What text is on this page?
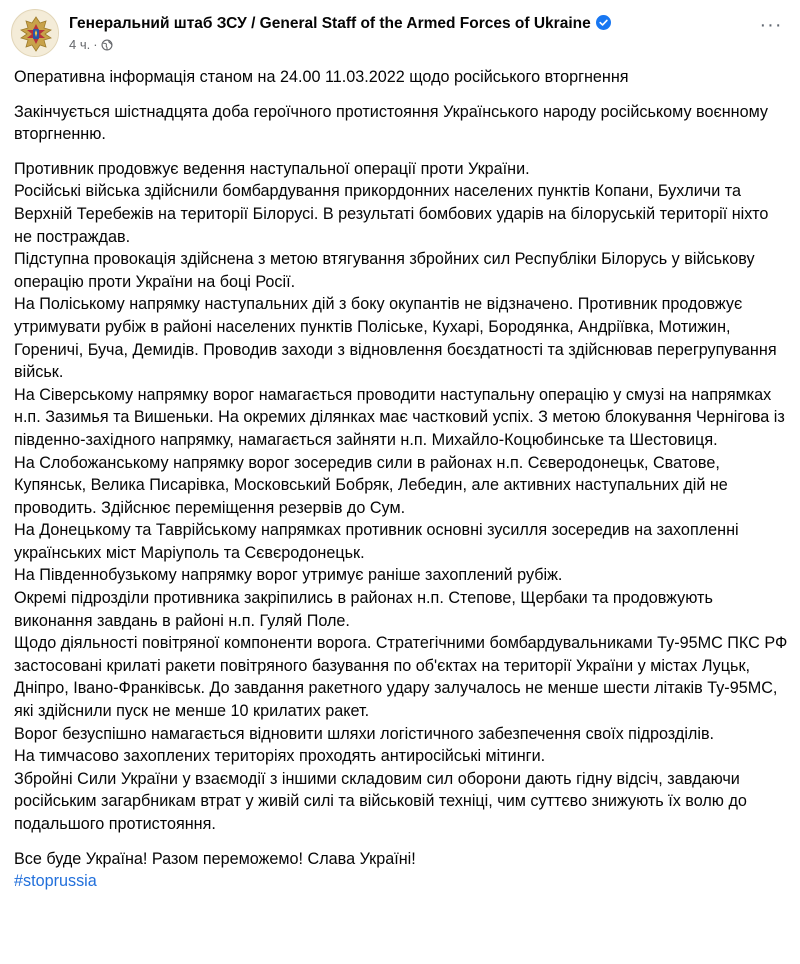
Генеральний штаб ЗСУ / General Staff of the Armed Forces of Ukraine
4 ч. ·
···

Оперативна інформація станом на 24.00 11.03.2022 щодо російського вторгнення

Закінчується шістнадцята доба героїчного протистояння Українського народу російському воєнному вторгненню.

Противник продовжує ведення наступальної операції проти України.

Російські війська здійснили бомбардування прикордонних населених пунктів Копани, Бухличи та Верхній Теребежів на території Білорусі. В результаті бомбових ударів на білоруській території ніхто не постраждав.

Підступна провокація здійснена з метою втягування збройних сил Республіки Білорусь у військову операцію проти України на боці Росії.

На Поліському напрямку наступальних дій з боку окупантів не відзначено. Противник продовжує утримувати рубіж в районі населених пунктів Поліське, Кухарі, Бородянка, Андріївка, Мотижин, Гореничі, Буча, Демидів. Проводив заходи з відновлення боєздатності та здійснював перегрупування військ.

На Сіверському напрямку ворог намагається проводити наступальну операцію у смузі на напрямках н.п. Зазимья та Вишеньки. На окремих ділянках має частковий успіх. З метою блокування Чернігова із південно-західного напрямку, намагається зайняти н.п. Михайло-Коцюбинське та Шестовиця.

На Слобожанському напрямку ворог зосередив сили в районах н.п. Сєверодонецьк, Сватове, Купянськ, Велика Писарівка, Московський Бобряк, Лебедин, але активних наступальних дій не проводить. Здійснює переміщення резервів до Сум.

На Донецькому та Таврійському напрямках противник основні зусилля зосередив на захопленні українських міст Маріуполь та Сєвєродонецьк.

На Південнобузькому напрямку ворог утримує раніше захоплений рубіж.

Окремі підрозділи противника закріпились в районах н.п. Степове, Щербаки та продовжують виконання завдань в районі н.п. Гуляй Поле.

Щодо діяльності повітряної компоненти ворога. Стратегічними бомбардувальниками Ту-95МС ПКС РФ застосовані крилаті ракети повітряного базування по об'єктах на території України у містах Луцьк, Дніпро, Івано-Франківськ. До завдання ракетного удару залучалось не менше шести літаків Ту-95МС, які здійснили пуск не менше 10 крилатих ракет.

Ворог безуспішно намагається відновити шляхи логістичного забезпечення своїх підрозділів.

На тимчасово захоплених територіях проходять антиросійські мітинги.

Збройні Сили України у взаємодії з іншими складовим сил оборони дають гідну відсіч, завдаючи російським загарбникам втрат у живій силі та військовій техніці, чим суттєво знижують їх волю до подальшого протистояння.

Все буде Україна! Разом переможемо! Слава Україні!

#stoprussia
